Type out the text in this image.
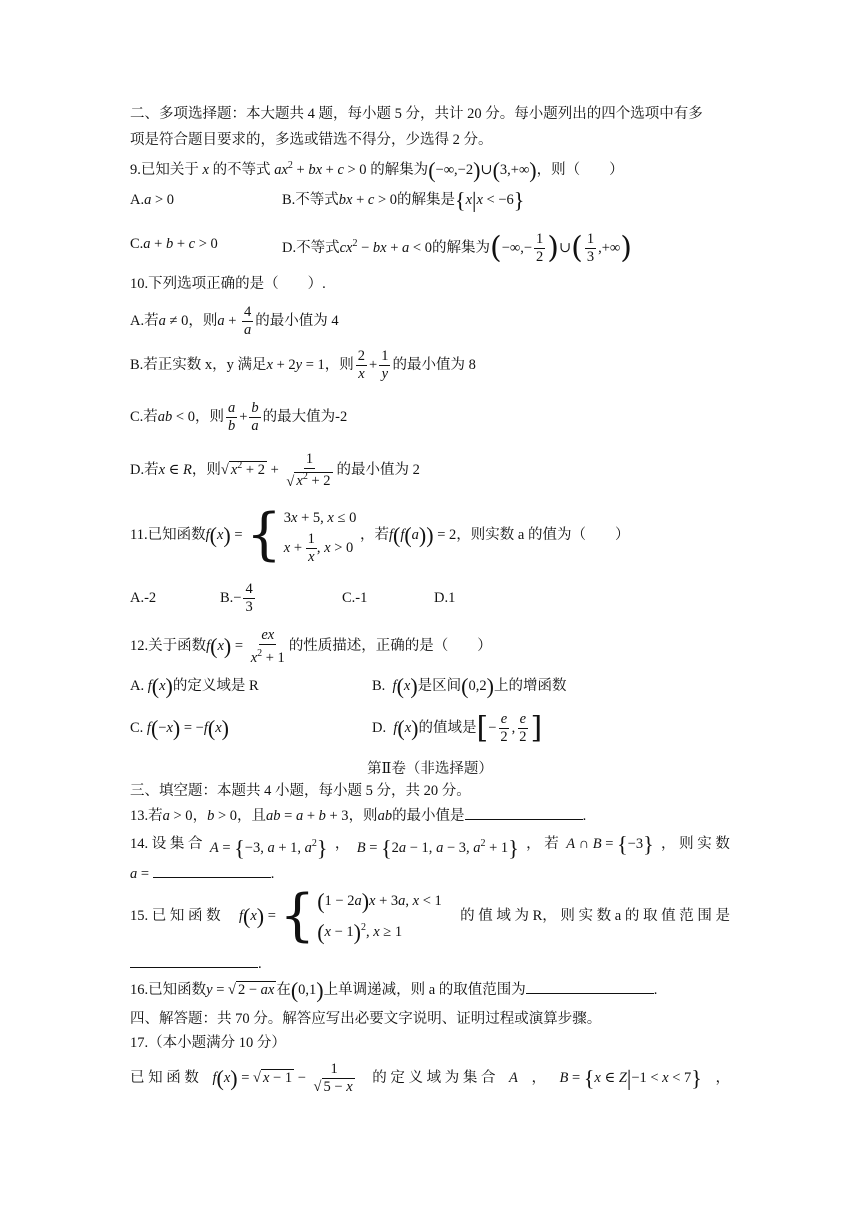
二、多项选择题：本大题共 4 题，每小题 5 分，共计 20 分。每小题列出的四个选项中有多
项是符合题目要求的，多选或错选不得分，少选得 2 分。
9.已知关于 x 的不等式 $ax^2$ + bx + c > 0 的解集为(−∞,−2)∪(3,+∞)，则（　　）
A.a > 0	B.不等式bx + c > 0的解集是{x|x < −6}
C.a + b + c > 0	D.不等式$cx^2$ − bx + a < 0的解集为(−∞,− $\frac{1}{2}$ )∪( $\frac{1}{3}$ ,+∞)
10.下列选项正确的是（　　）.
A.若a ≠ 0，则$a + \frac{4}{a}$ 的最小值为 4
B.若正实数 x，y 满足x + 2y = 1，则 $\frac{2}{x} + \frac{1}{y}$ 的最小值为 8
C.若ab < 0，则 $\frac{a}{b} + \frac{b}{a}$ 的最大值为-2
D.若x ∈ R，则√ $x^2 + 2 + \frac{1}{√ x^2 + 2}$ 的最小值为 2
11.已知函数f(x) = { 3x + 5, x ≤ 0
$x + \frac{1}{x}$ , x > 0
，若f(f(a)) = 2，则实数 a 的值为（　　）
A.-2	$B.- \frac{4}{3}$	C.-1	D.1
12.关于函数$f(x) = \frac{ex}{x^2 + 1}$ 的性质描述，正确的是（　　）
A. f(x)的定义域是 R	B. f(x)是区间(0,2)上的增函数
C. f(−x) = −f(x)	D. f(x)的值域是[− $\frac{e}{2}$ , $\frac{e}{2}$ ]
第Ⅱ卷（非选择题）
三、填空题：本题共 4 小题，每小题 5 分，共 20 分。
13.若a > 0，b > 0，且ab = a + b + 3，则ab的最小值是	.
14. 设 集 合 A = {−3, a + 1, $a^2$} ， B = {2a − 1, a − 3, $a^2 + 1$} ， 若 A ∩ B = {−3} ， 则 实 数
a =	.
15. 已 知 函 数 f(x) = { (1 − 2a)x + 3a, x < 1
$(x - 1)^2$, x ≥ 1
的 值 域 为 R， 则 实 数 a 的 取 值 范 围 是
.
16.已知函数y = √ 2 − ax 在(0,1)上单调递减，则 a 的取值范围为	.
四、解答题：共 70 分。解答应写出必要文字说明、证明过程或演算步骤。
17.（本小题满分 10 分）
已 知 函 数 f(x) = √ $x - 1 - \frac{1}{√ 5 - x}$ 的 定 义 域 为 集 合 A ， B = {x ∈ Z|−1 < x < 7} ，
